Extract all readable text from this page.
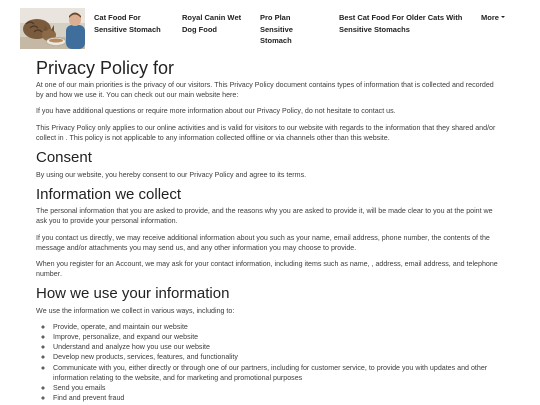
Cat Food For Sensitive Stomach
Royal Canin Wet Dog Food
Pro Plan Sensitive Stomach
Best Cat Food For Older Cats With Sensitive Stomachs
More
Privacy Policy for

At one of our main priorities is the privacy of our visitors. This Privacy Policy document contains types of information that is collected and recorded by and how we use it. You can check out our main website here:

If you have additional questions or require more information about our Privacy Policy, do not hesitate to contact us.

This Privacy Policy only applies to our online activities and is valid for visitors to our website with regards to the information that they shared and/or collect in . This policy is not applicable to any information collected offline or via channels other than this website.

Consent

By using our website, you hereby consent to our Privacy Policy and agree to its terms.

Information we collect

The personal information that you are asked to provide, and the reasons why you are asked to provide it, will be made clear to you at the point we ask you to provide your personal information.

If you contact us directly, we may receive additional information about you such as your name, email address, phone number, the contents of the message and/or attachments you may send us, and any other information you may choose to provide.

When you register for an Account, we may ask for your contact information, including items such as name, , address, email address, and telephone number.

How we use your information

We use the information we collect in various ways, including to:

◦ Provide, operate, and maintain our website
◦ Improve, personalize, and expand our website
◦ Understand and analyze how you use our website
◦ Develop new products, services, features, and functionality
◦ Communicate with you, either directly or through one of our partners, including for customer service, to provide you with updates and other information relating to the website, and for marketing and promotional purposes
◦ Send you emails
◦ Find and prevent fraud
